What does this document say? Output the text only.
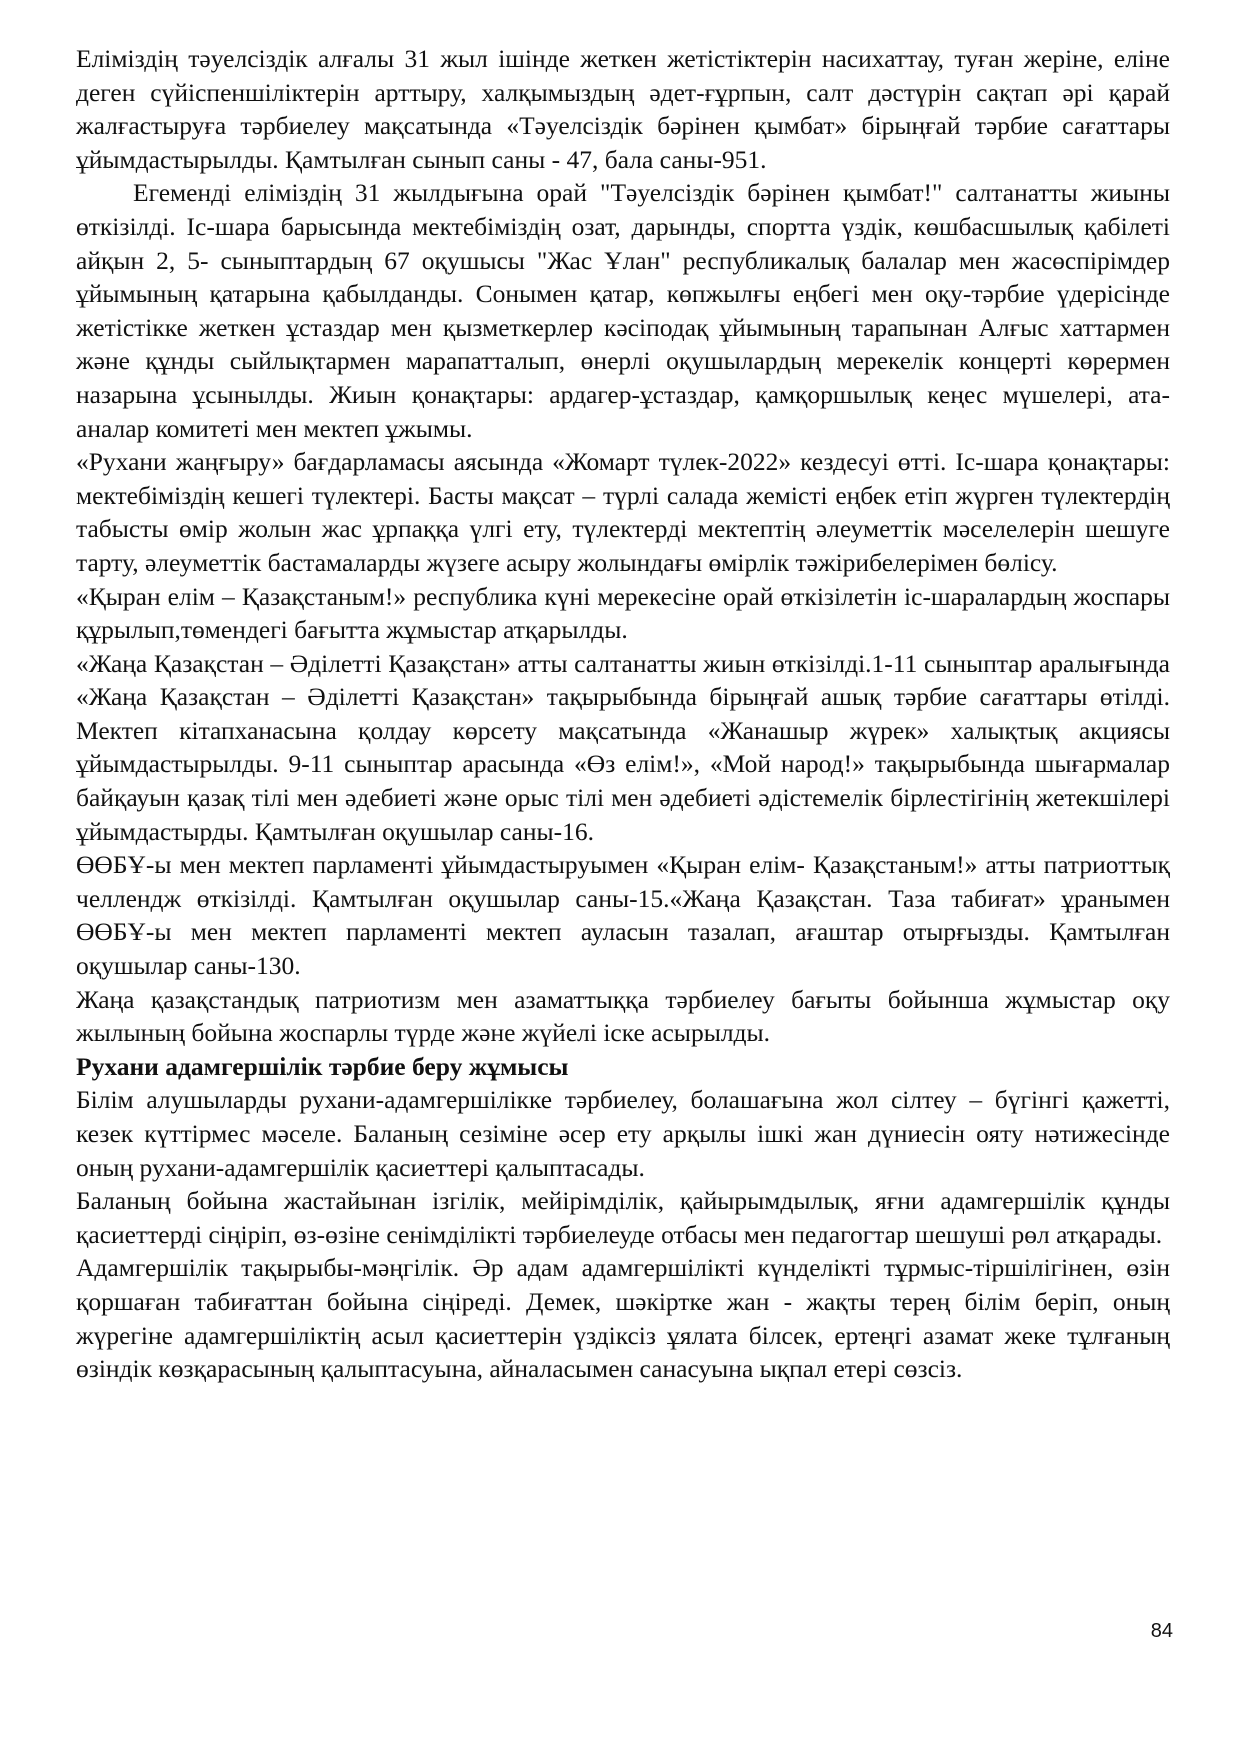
Еліміздің тәуелсіздік алғалы 31 жыл ішінде жеткен жетістіктерін насихаттау, туған жеріне, еліне деген сүйіспеншіліктерін арттыру, халқымыздың әдет-ғұрпын, салт дәстүрін сақтап әрі қарай жалғастыруға тәрбиелеу мақсатында «Тәуелсіздік бәрінен қымбат» бірыңғай тәрбие сағаттары ұйымдастырылды. Қамтылған сынып саны - 47, бала саны-951.

Егеменді еліміздің 31 жылдығына орай "Тәуелсіздік бәрінен қымбат!" салтанатты жиыны өткізілді. Іс-шара барысында мектебіміздің озат, дарынды, спортта үздік, көшбасшылық қабілеті айқын 2, 5- сыныптардың 67 оқушысы "Жас Ұлан" республикалық балалар мен жасөспірімдер ұйымының қатарына қабылданды. Сонымен қатар, көпжылғы еңбегі мен оқу-тәрбие үдерісінде жетістікке жеткен ұстаздар мен қызметкерлер кәсіподақ ұйымының тарапынан Алғыс хаттармен және құнды сыйлықтармен марапатталып, өнерлі оқушылардың мерекелік концерті көрермен назарына ұсынылды. Жиын қонақтары: ардагер-ұстаздар, қамқоршылық кеңес мүшелері, ата-аналар комитеті мен мектеп ұжымы.

«Рухани жаңғыру» бағдарламасы аясында «Жомарт түлек-2022» кездесуі өтті. Іс-шара қонақтары: мектебіміздің кешегі түлектері. Басты мақсат – түрлі салада жемісті еңбек етіп жүрген түлектердің табысты өмір жолын жас ұрпаққа үлгі ету, түлектерді мектептің әлеуметтік мәселелерін шешуге тарту, әлеуметтік бастамаларды жүзеге асыру жолындағы өмірлік тәжірибелерімен бөлісу.

«Қыран елім – Қазақстаным!» республика күні мерекесіне орай өткізілетін іс-шаралардың жоспары құрылып,төмендегі бағытта жұмыстар атқарылды.

«Жаңа Қазақстан – Әділетті Қазақстан» атты салтанатты жиын өткізілді.1-11 сыныптар аралығында «Жаңа Қазақстан – Әділетті Қазақстан» тақырыбында бірыңғай ашық тәрбие сағаттары өтілді. Мектеп кітапханасына қолдау көрсету мақсатында «Жанашыр жүрек» халықтық акциясы ұйымдастырылды. 9-11 сыныптар арасында «Өз елім!», «Мой народ!» тақырыбында шығармалар байқауын қазақ тілі мен әдебиеті және орыс тілі мен әдебиеті әдістемелік бірлестігінің жетекшілері ұйымдастырды. Қамтылған оқушылар саны-16.

ӨӨБҰ-ы мен мектеп парламенті ұйымдастыруымен «Қыран елім- Қазақстаным!» атты патриоттық челлендж өткізілді. Қамтылған оқушылар саны-15.«Жаңа Қазақстан. Таза табиғат» ұранымен ӨӨБҰ-ы мен мектеп парламенті мектеп ауласын тазалап, ағаштар отырғызды. Қамтылған оқушылар саны-130.

Жаңа қазақстандық патриотизм мен азаматтыққа тәрбиелеу бағыты бойынша жұмыстар оқу жылының бойына жоспарлы түрде және жүйелі іске асырылды.

Рухани адамгершілік тәрбие беру жұмысы

Білім алушыларды рухани-адамгершілікке тәрбиелеу, болашағына жол сілтеу – бүгінгі қажетті, кезек күттірмес мәселе. Баланың сезіміне әсер ету арқылы ішкі жан дүниесін ояту нәтижесінде оның рухани-адамгершілік қасиеттері қалыптасады.

Баланың бойына жастайынан ізгілік, мейірімділік, қайырымдылық, яғни адамгершілік құнды қасиеттерді сіңіріп, өз-өзіне сенімділікті тәрбиелеуде отбасы мен педагогтар шешуші рөл атқарады.

Адамгершілік тақырыбы-мәңгілік. Әр адам адамгершілікті күнделікті тұрмыс-тіршілігінен, өзін қоршаған табиғаттан бойына сіңіреді. Демек, шәкіртке жан - жақты терең білім беріп, оның жүрегіне адамгершіліктің асыл қасиеттерін үздіксіз ұялата білсек, ертеңгі азамат жеке тұлғаның өзіндік көзқарасының қалыптасуына, айналасымен санасуына ықпал етері сөзсіз.

84
